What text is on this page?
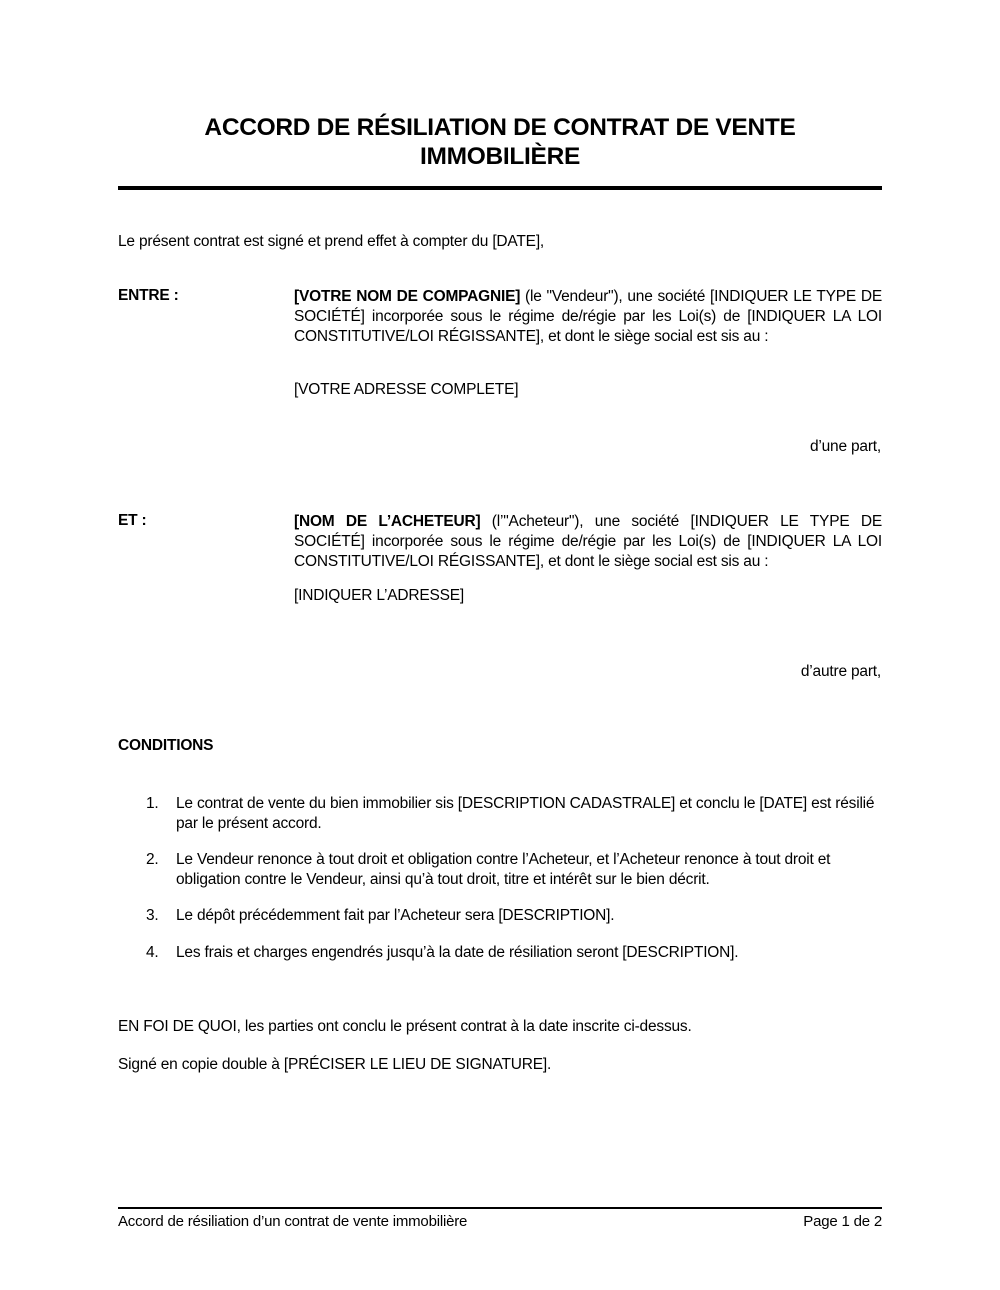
ACCORD DE RÉSILIATION DE CONTRAT DE VENTE
IMMOBILIÈRE
Le présent contrat est signé et prend effet à compter du [DATE],
ENTRE :	[VOTRE NOM DE COMPAGNIE] (le "Vendeur"), une société [INDIQUER LE TYPE DE SOCIÉTÉ] incorporée sous le régime de/régie par les Loi(s) de [INDIQUER LA LOI CONSTITUTIVE/LOI RÉGISSANTE], et dont le siège social est sis au :
[VOTRE ADRESSE COMPLETE]
d’une part,
ET :	[NOM DE L’ACHETEUR] (l’"Acheteur"), une société [INDIQUER LE TYPE DE SOCIÉTÉ] incorporée sous le régime de/régie par les Loi(s) de [INDIQUER LA LOI CONSTITUTIVE/LOI RÉGISSANTE], et dont le siège social est sis au :
[INDIQUER L’ADRESSE]
d’autre part,
CONDITIONS
1. Le contrat de vente du bien immobilier sis [DESCRIPTION CADASTRALE] et conclu le [DATE] est résilié par le présent accord.
2. Le Vendeur renonce à tout droit et obligation contre l’Acheteur, et l’Acheteur renonce à tout droit et obligation contre le Vendeur, ainsi qu’à tout droit, titre et intérêt sur le bien décrit.
3. Le dépôt précédemment fait par l’Acheteur sera [DESCRIPTION].
4. Les frais et charges engendrés jusqu’à la date de résiliation seront [DESCRIPTION].
EN FOI DE QUOI, les parties ont conclu le présent contrat à la date inscrite ci-dessus.
Signé en copie double à [PRÉCISER LE LIEU DE SIGNATURE].
Accord de résiliation d’un contrat de vente immobilière	Page 1 de 2
